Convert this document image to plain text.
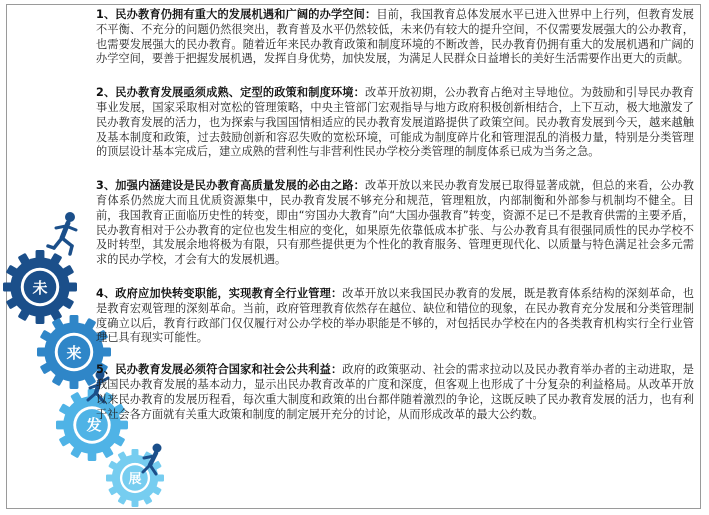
未
来
发
展

1、民办教育仍拥有重大的发展机遇和广阔的办学空间：目前，我国教育总体发展水平已进入世界中上行列，但教育发展不平衡、不充分的问题仍然很突出，教育普及水平仍然较低，未来仍有较大的提升空间，不仅需要发展强大的公办教育，也需要发展强大的民办教育。随着近年来民办教育政策和制度环境的不断改善，民办教育仍拥有重大的发展机遇和广阔的办学空间，要善于把握发展机遇，发挥自身优势，加快发展，为满足人民群众日益增长的美好生活需要作出更大的贡献。

2、民办教育发展亟须成熟、定型的政策和制度环境：改革开放初期，公办教育占绝对主导地位。为鼓励和引导民办教育事业发展，国家采取相对宽松的管理策略，中央主管部门宏观指导与地方政府积极创新相结合，上下互动，极大地激发了民办教育发展的活力，也为探索与我国国情相适应的民办教育发展道路提供了政策空间。民办教育发展到今天，越来越触及基本制度和政策，过去鼓励创新和容忍失败的宽松环境，可能成为制度碎片化和管理混乱的消极力量，特别是分类管理的顶层设计基本完成后，建立成熟的营利性与非营利性民办学校分类管理的制度体系已成为当务之急。

3、加强内涵建设是民办教育高质量发展的必由之路：改革开放以来民办教育发展已取得显著成就，但总的来看，公办教育体系仍然庞大而且优质资源集中，民办教育发展不够充分和规范，管理粗放，内部制衡和外部参与机制均不健全。目前，我国教育正面临历史性的转变，即由“穷国办大教育”向“大国办强教育”转变，资源不足已不是教育供需的主要矛盾，民办教育相对于公办教育的定位也发生相应的变化，如果原先依靠低成本扩张、与公办教育具有很强同质性的民办学校不及时转型，其发展余地将极为有限，只有那些提供更为个性化的教育服务、管理更现代化、以质量与特色满足社会多元需求的民办学校，才会有大的发展机遇。

4、政府应加快转变职能，实现教育全行业管理：改革开放以来我国民办教育的发展，既是教育体系结构的深刻革命，也是教育宏观管理的深刻革命。当前，政府管理教育依然存在越位、缺位和错位的现象，在民办教育充分发展和分类管理制度确立以后，教育行政部门仅仅履行对公办学校的举办职能是不够的，对包括民办学校在内的各类教育机构实行全行业管理已具有现实可能性。

5、民办教育发展必须符合国家和社会公共利益：政府的政策驱动、社会的需求拉动以及民办教育举办者的主动进取，是我国民办教育发展的基本动力，显示出民办教育改革的广度和深度，但客观上也形成了十分复杂的利益格局。从改革开放以来民办教育的发展历程看，每次重大制度和政策的出台都伴随着激烈的争论，这既反映了民办教育发展的活力，也有利于社会各方面就有关重大政策和制度的制定展开充分的讨论，从而形成改革的最大公约数。
